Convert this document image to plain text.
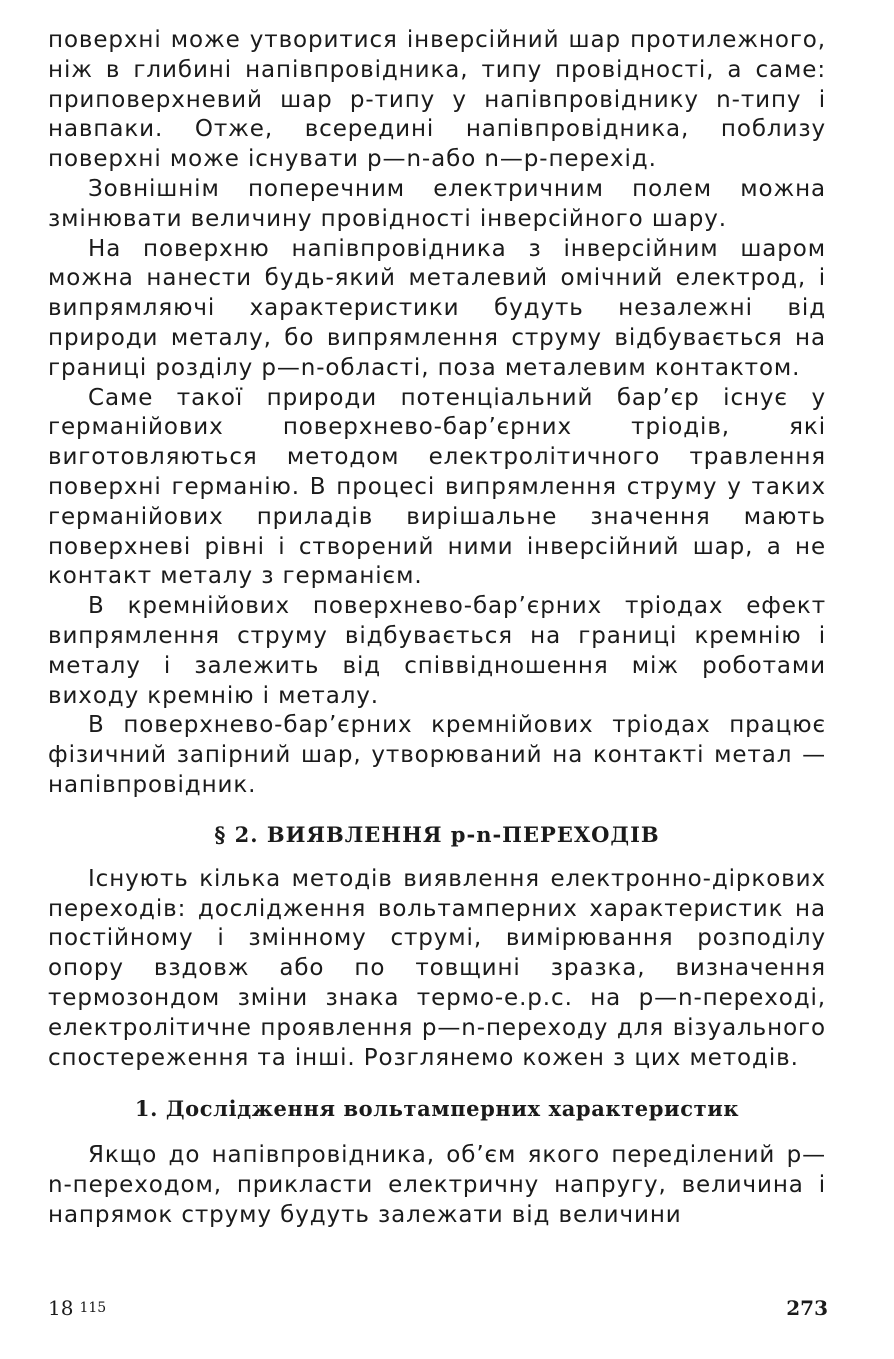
поверхні може утворитися інверсійний шар протилежного, ніж в глибині напівпровідника, типу провідності, а саме: приповерхневий шар p-типу у напівпровіднику n-типу і навпаки. Отже, всередині напівпровідника, поблизу поверхні може існувати p—n-або n—p-перехід.

Зовнішнім поперечним електричним полем можна змінювати величину провідності інверсійного шару.

На поверхню напівпровідника з інверсійним шаром можна нанести будь-який металевий омічний електрод, і випрямляючі характеристики будуть незалежні від природи металу, бо випрямлення струму відбувається на границі розділу p—n-області, поза металевим контактом.

Саме такої природи потенціальний бар’єр існує у германійових поверхнево-бар’єрних тріодів, які виготовляються методом електролітичного травлення поверхні германію. В процесі випрямлення струму у таких германійових приладів вирішальне значення мають поверхневі рівні і створений ними інверсійний шар, а не контакт металу з германієм.

В кремнійових поверхнево-бар’єрних тріодах ефект випрямлення струму відбувається на границі кремнію і металу і залежить від співвідношення між роботами виходу кремнію і металу.

В поверхнево-бар’єрних кремнійових тріодах працює фізичний запірний шар, утворюваний на контакті метал — напівпровідник.

§ 2. ВИЯВЛЕННЯ p-n-ПЕРЕХОДІВ

Існують кілька методів виявлення електронно-діркових переходів: дослідження вольтамперних характеристик на постійному і змінному струмі, вимірювання розподілу опору вздовж або по товщині зразка, визначення термозондом зміни знака термо-е.р.с. на p—n-переході, електролітичне проявлення p—n-переходу для візуального спостереження та інші. Розглянемо кожен з цих методів.

1. Дослідження вольтамперних характеристик

Якщо до напівпровідника, об’єм якого переділений p—n-переходом, прикласти електричну напругу, величина і напрямок струму будуть залежати від величини

18 115	273
